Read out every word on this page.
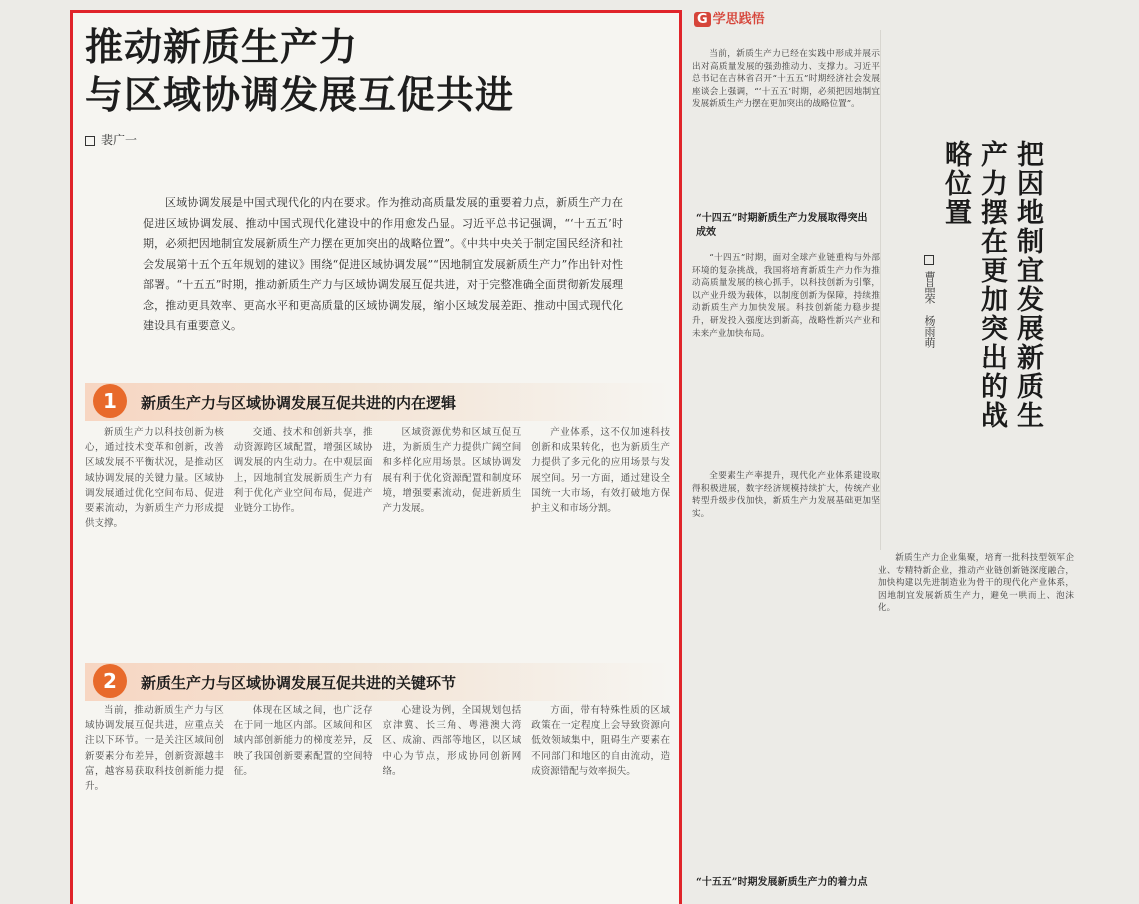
推动新质生产力
与区域协调发展互促共进
裴广一
区域协调发展是中国式现代化的内在要求。作为推动高质量发展的重要着力点，新质生产力在促进区域协调发展、推动中国式现代化建设中的作用愈发凸显。习近平总书记强调，“‘十五五’时期，必须把因地制宜发展新质生产力摆在更加突出的战略位置”。《中共中央关于制定国民经济和社会发展第十五个五年规划的建议》围绕“促进区域协调发展”“因地制宜发展新质生产力”作出针对性部署。“十五五”时期，推动新质生产力与区域协调发展互促共进，对于完整准确全面贯彻新发展理念，推动更具效率、更高水平和更高质量的区域协调发展，缩小区域发展差距、推动中国式现代化建设具有重要意义。
1	新质生产力与区域协调发展互促共进的内在逻辑

新质生产力以科技创新为核心，通过技术变革和创新，改善区域发展不平衡状况，是推动区域协调发展的关键力量。区域协调发展通过优化空间布局、促进要素流动，为新质生产力形成提供支撑。

交通、技术和创新共享，推动资源跨区域配置，增强区域协调发展的内生动力。在中观层面上，因地制宜发展新质生产力有利于优化产业空间布局，促进产业链分工协作。

区域资源优势和区域互促互进，为新质生产力提供广阔空间和多样化应用场景。区域协调发展有利于优化资源配置和制度环境，增强要素流动，促进新质生产力发展。

产业体系，这不仅加速科技创新和成果转化，也为新质生产力提供了多元化的应用场景与发展空间。另一方面，通过建设全国统一大市场，有效打破地方保护主义和市场分割。

2	新质生产力与区域协调发展互促共进的关键环节

当前，推动新质生产力与区域协调发展互促共进，应重点关注以下环节。一是关注区域间创新要素分布差异，创新资源越丰富，越容易获取科技创新能力提升。

体现在区域之间，也广泛存在于同一地区内部。区域间和区域内部创新能力的梯度差异，反映了我国创新要素配置的空间特征。

心建设为例，全国规划包括京津冀、长三角、粤港澳大湾区、成渝、西部等地区，以区域中心为节点，形成协同创新网络。

方面，带有特殊性质的区域政策在一定程度上会导致资源向低效领域集中，阻碍生产要素在不同部门和地区的自由流动，造成资源错配与效率损失。

G 学思践悟

当前，新质生产力已经在实践中形成并展示出对高质量发展的强劲推动力、支撑力。习近平总书记在吉林省召开“十五五”时期经济社会发展座谈会上强调，“‘十五五’时期，必须把因地制宜发展新质生产力摆在更加突出的战略位置”。

“十四五”时期新质生产力发展取得突出成效

“十四五”时期，面对全球产业链重构与外部环境的复杂挑战，我国将培育新质生产力作为推动高质量发展的核心抓手，以科技创新为引擎，以产业升级为载体，以制度创新为保障，持续推动新质生产力加快发展。科技创新能力稳步提升，研发投入强度达到新高，战略性新兴产业和未来产业加快布局。

全要素生产率提升，现代化产业体系建设取得积极进展，数字经济规模持续扩大，传统产业转型升级步伐加快，新质生产力发展基础更加坚实。

“十五五”时期发展新质生产力的着力点
把因地制宜发展新质生产力摆在更加突出的战略位置
曹晶荣　杨雨萌

新质生产力企业集聚，培育一批科技型领军企业、专精特新企业，推动产业链创新链深度融合，加快构建以先进制造业为骨干的现代化产业体系，因地制宜发展新质生产力，避免一哄而上、泡沫化。
